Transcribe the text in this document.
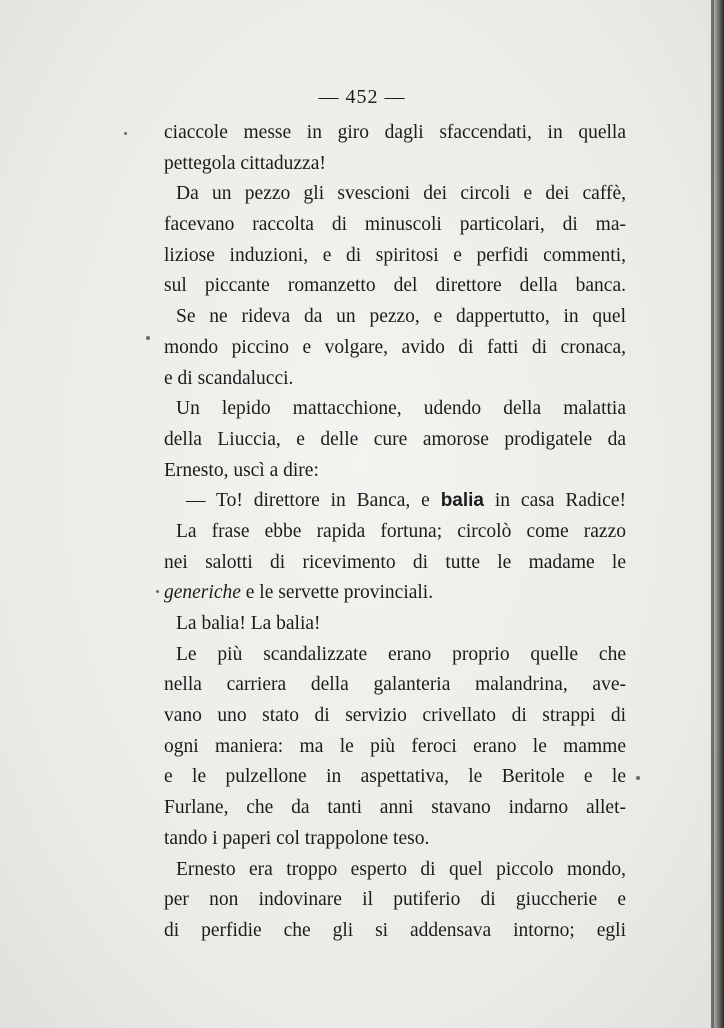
— 452 —
ciaccole messe in giro dagli sfaccendati, in quella
pettegola cittaduzza!
Da un pezzo gli svescioni dei circoli e dei caffè,
facevano raccolta di minuscoli particolari, di ma-
liziose induzioni, e di spiritosi e perfidi commenti,
sul piccante romanzetto del direttore della banca.
Se ne rideva da un pezzo, e dappertutto, in quel
mondo piccino e volgare, avido di fatti di cronaca,
e di scandalucci.
Un lepido mattacchione, udendo della malattia
della Liuccia, e delle cure amorose prodigatele da
Ernesto, uscì a dire:
— To! direttore in Banca, e balia in casa Radice!
La frase ebbe rapida fortuna; circolò come razzo
nei salotti di ricevimento di tutte le madame le
generiche e le servette provinciali.
La balia! La balia!
Le più scandalizzate erano proprio quelle che
nella carriera della galanteria malandrina, ave-
vano uno stato di servizio crivellato di strappi di
ogni maniera: ma le più feroci erano le mamme
e le pulzellone in aspettativa, le Beritole e le
Furlane, che da tanti anni stavano indarno allet-
tando i paperi col trappolone teso.
Ernesto era troppo esperto di quel piccolo mondo,
per non indovinare il putiferio di giuccherie e
di perfidie che gli si addensava intorno; egli
